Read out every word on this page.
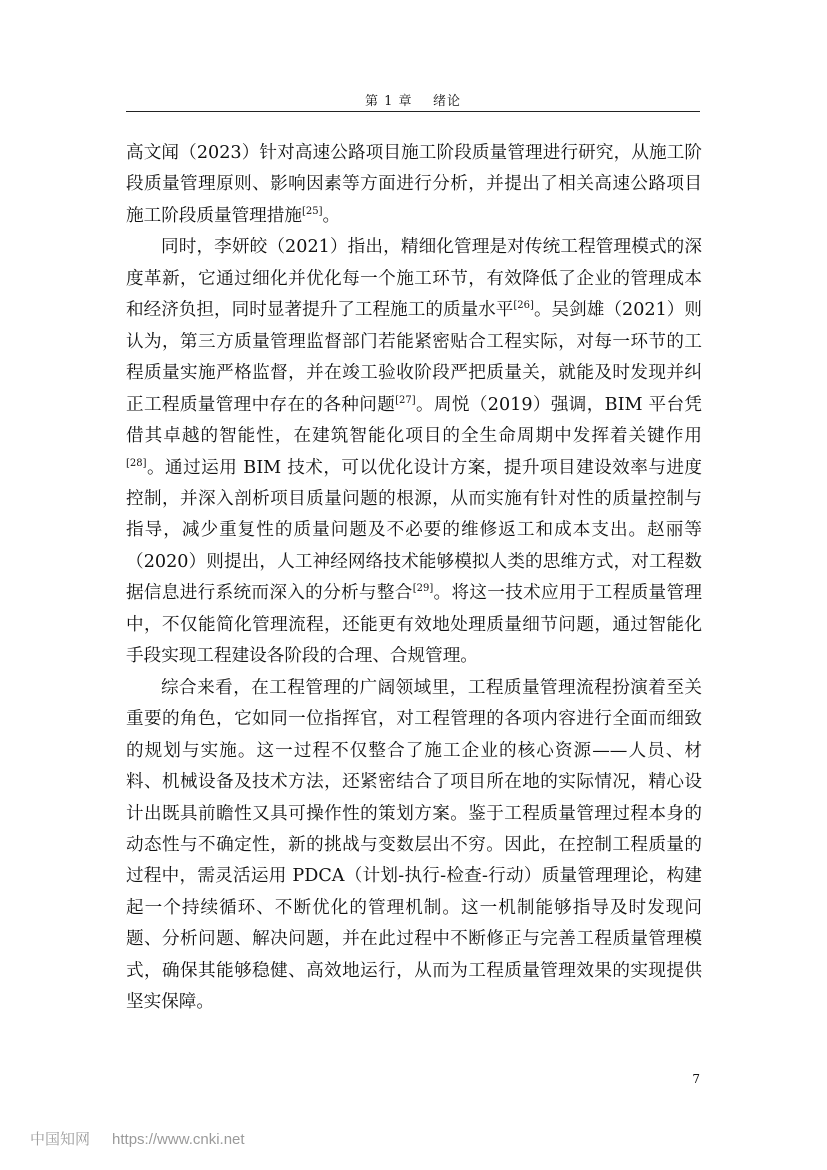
第 1 章    绪论

高文闻（2023）针对高速公路项目施工阶段质量管理进行研究，从施工阶段质量管理原则、影响因素等方面进行分析，并提出了相关高速公路项目施工阶段质量管理措施[25]。

同时，李妍皎（2021）指出，精细化管理是对传统工程管理模式的深度革新，它通过细化并优化每一个施工环节，有效降低了企业的管理成本和经济负担，同时显著提升了工程施工的质量水平[26]。吴剑雄（2021）则认为，第三方质量管理监督部门若能紧密贴合工程实际，对每一环节的工程质量实施严格监督，并在竣工验收阶段严把质量关，就能及时发现并纠正工程质量管理中存在的各种问题[27]。周悦（2019）强调，BIM 平台凭借其卓越的智能性，在建筑智能化项目的全生命周期中发挥着关键作用[28]。通过运用 BIM 技术，可以优化设计方案，提升项目建设效率与进度控制，并深入剖析项目质量问题的根源，从而实施有针对性的质量控制与指导，减少重复性的质量问题及不必要的维修返工和成本支出。赵丽等（2020）则提出，人工神经网络技术能够模拟人类的思维方式，对工程数据信息进行系统而深入的分析与整合[29]。将这一技术应用于工程质量管理中，不仅能简化管理流程，还能更有效地处理质量细节问题，通过智能化手段实现工程建设各阶段的合理、合规管理。

综合来看，在工程管理的广阔领域里，工程质量管理流程扮演着至关重要的角色，它如同一位指挥官，对工程管理的各项内容进行全面而细致的规划与实施。这一过程不仅整合了施工企业的核心资源——人员、材料、机械设备及技术方法，还紧密结合了项目所在地的实际情况，精心设计出既具前瞻性又具可操作性的策划方案。鉴于工程质量管理过程本身的动态性与不确定性，新的挑战与变数层出不穷。因此，在控制工程质量的过程中，需灵活运用 PDCA（计划-执行-检查-行动）质量管理理论，构建起一个持续循环、不断优化的管理机制。这一机制能够指导及时发现问题、分析问题、解决问题，并在此过程中不断修正与完善工程质量管理模式，确保其能够稳健、高效地运行，从而为工程质量管理效果的实现提供坚实保障。

7
中国知网 https://www.cnki.net
